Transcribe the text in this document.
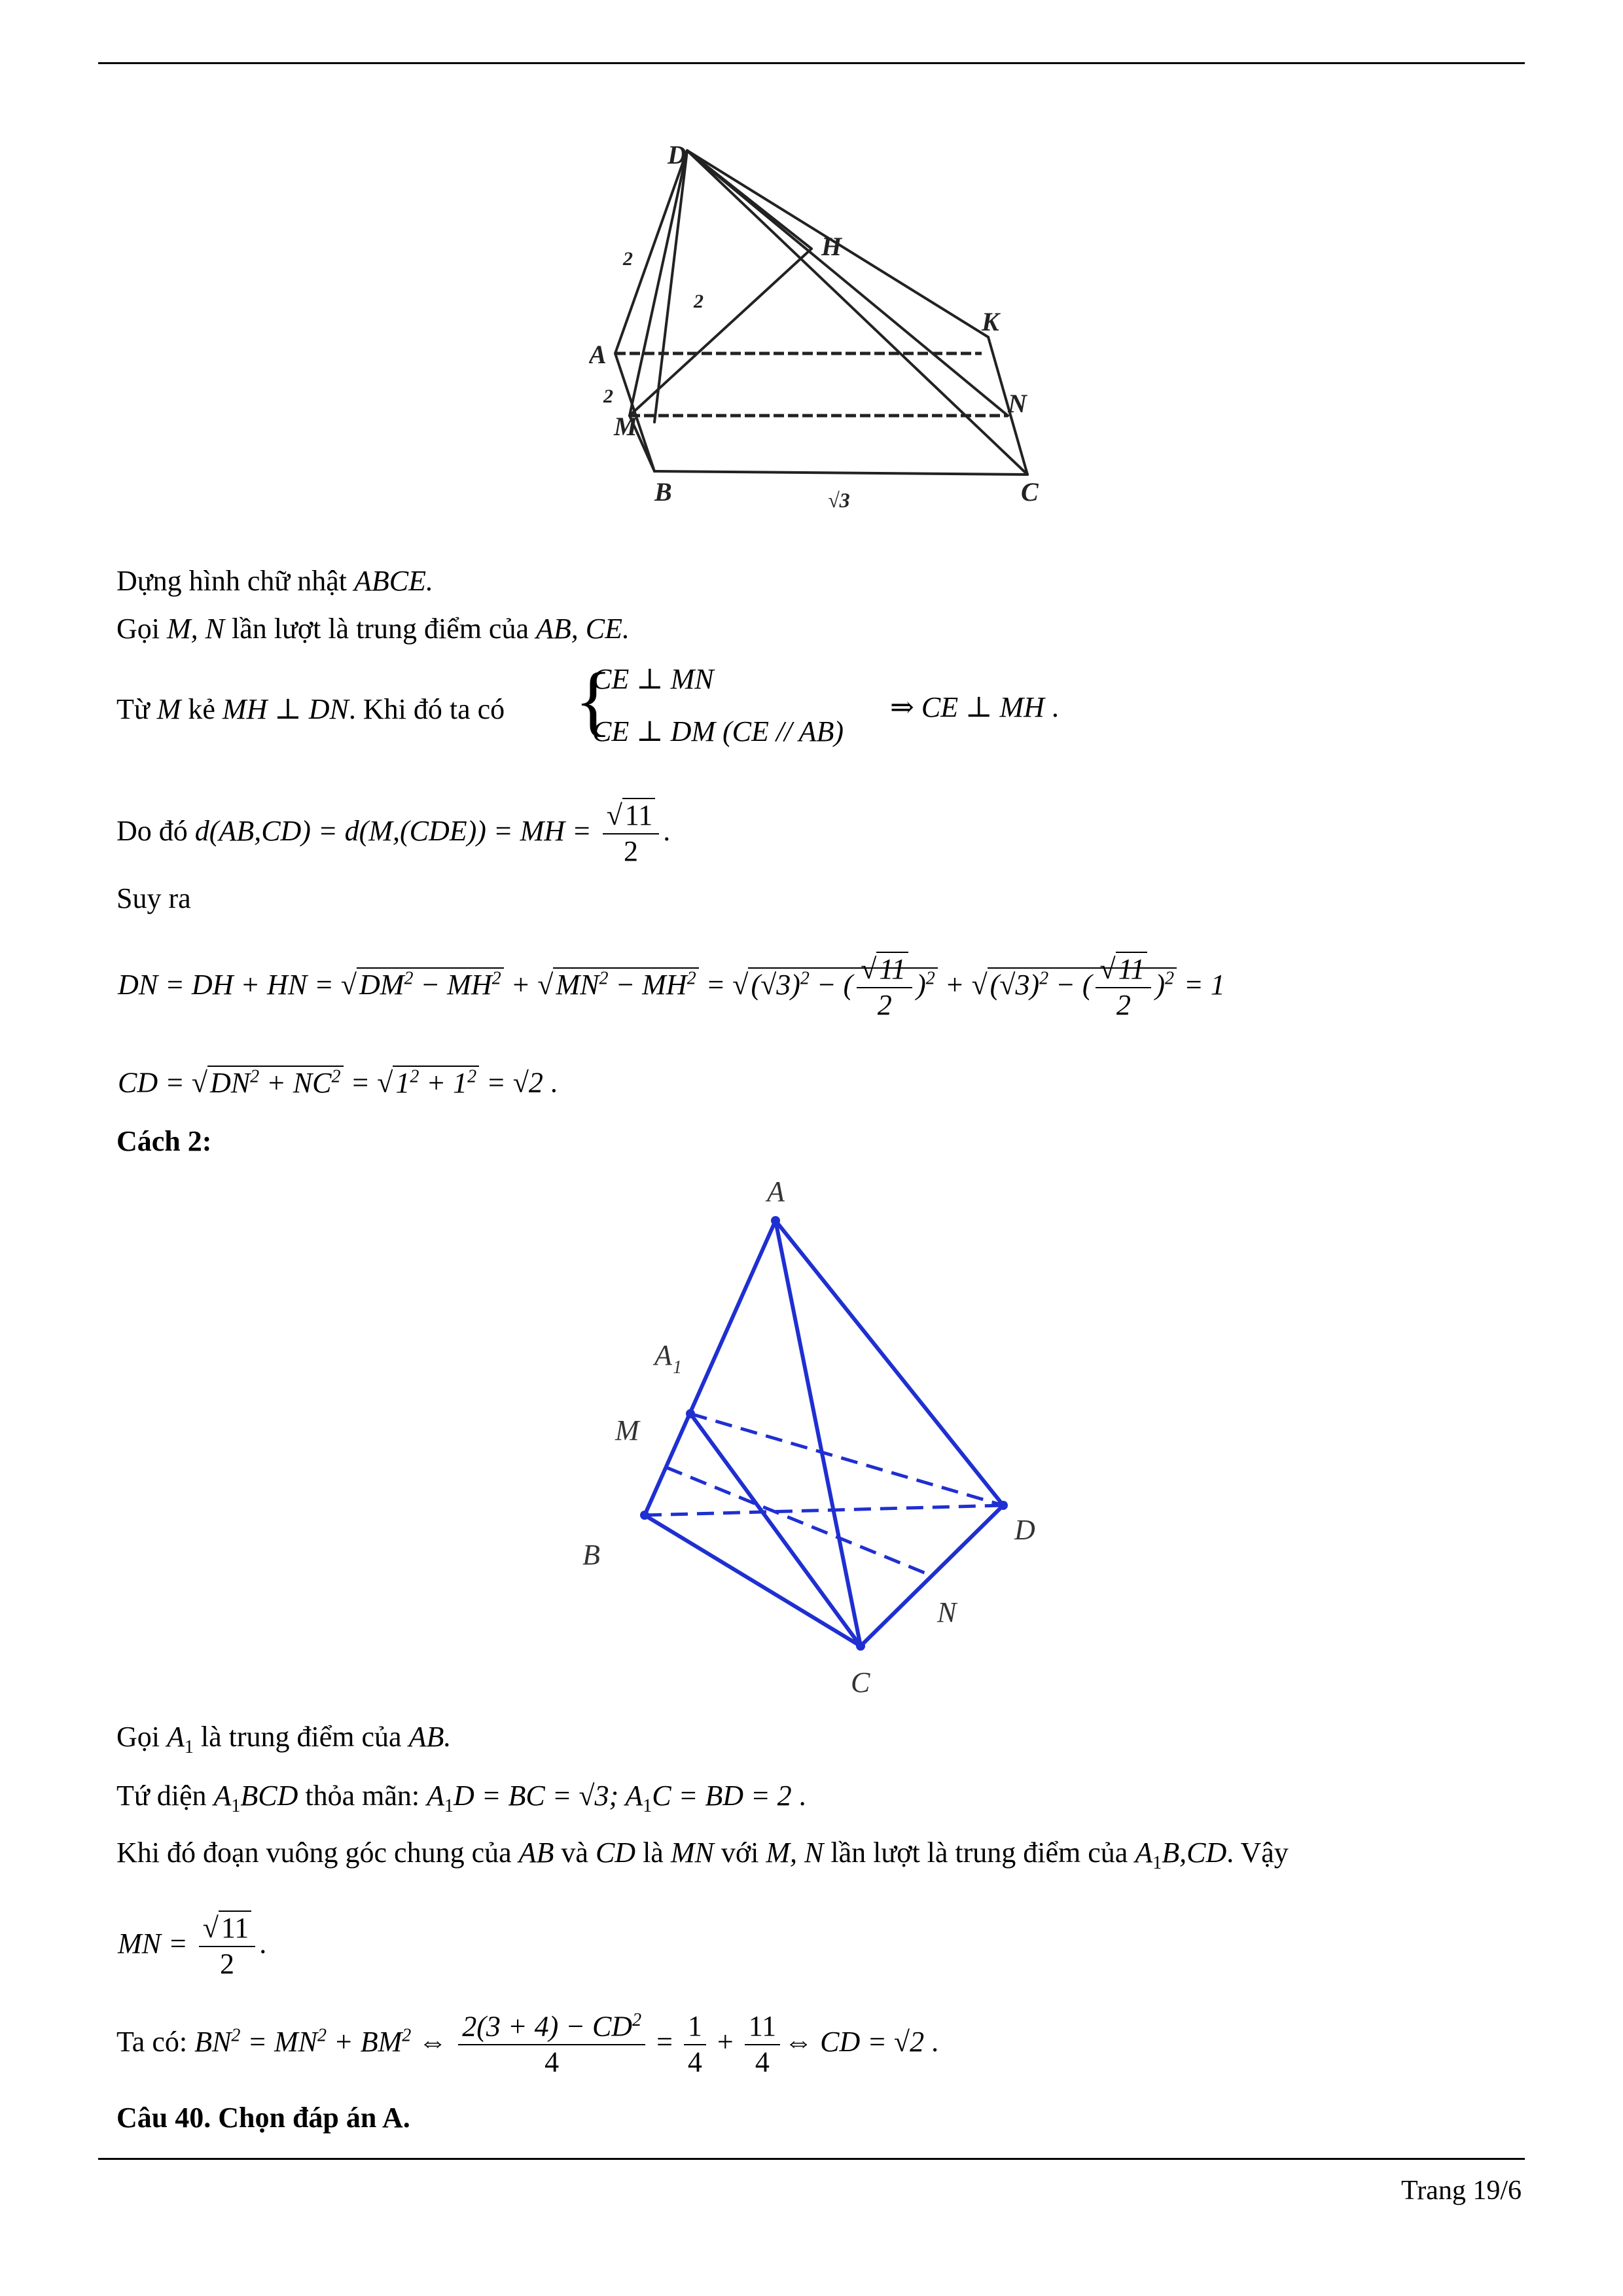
D
2
2
H
K
A
2
M
N
B	√3	C
Dựng hình chữ nhật ABCE.
Gọi M, N lần lượt là trung điểm của AB, CE.
Từ M kẻ MH ⊥ DN. Khi đó ta có {
CE ⊥ MN
CE ⊥ DM (CE // AB)
⇒ CE ⊥ MH .
Do đó d(AB,CD) = d(M,(CDE)) = MH = $\frac{√11}{2}$ .
Suy ra
DN = DH + HN = $√DM^2 - MH^2 + √MN^2 - MH^2 = √(√3)^2$ − ( $\frac{√11}{2} )^2 + √(√3)^2$ − ( $\frac{√11}{2} )^2 = 1$
CD = $√DN^2 + NC^2 = √1^2 + 1^2 = √2$ .
Cách 2:
A
A 1
M
D
B
N
C
Gọi $A_1$ là trung điểm của AB.
Tứ diện $A_1BCD$ thỏa mãn: $A_1D$ = BC = √3; $A_1C$ = BD = 2 .
Khi đó đoạn vuông góc chung của AB và CD là MN với M, N lần lượt là trung điểm của $A_1B,CD$. Vậy
MN = $\frac{√11}{2}$ .
Ta có: $BN^2 = MN^2 + BM^2$ ⇔ $\frac{2(3 + 4) - CD^2}{4} = \frac{1}{4} + \frac{11}{4}$ ⇔ CD = √2 .
Câu 40. Chọn đáp án A.
Trang 19/6
